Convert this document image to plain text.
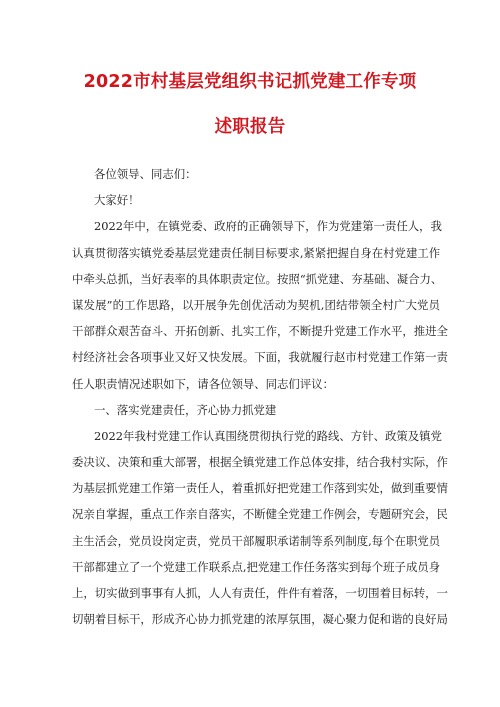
2022市村基层党组织书记抓党建工作专项
述职报告
各位领导、同志们：
大家好！
2022年中，在镇党委、政府的正确领导下，作为党建第一责任人，我
认真贯彻落实镇党委基层党建责任制目标要求,紧紧把握自身在村党建工作
中牵头总抓，当好表率的具体职责定位。按照“抓党建、夯基础、凝合力、
谋发展”的工作思路，以开展争先创优活动为契机,团结带领全村广大党员
干部群众艰苦奋斗、开拓创新、扎实工作，不断提升党建工作水平，推进全
村经济社会各项事业又好又快发展。下面，我就履行赵市村党建工作第一责
任人职责情况述职如下，请各位领导、同志们评议：
一、落实党建责任，齐心协力抓党建
2022年我村党建工作认真围绕贯彻执行党的路线、方针、政策及镇党
委决议、决策和重大部署，根据全镇党建工作总体安排，结合我村实际，作
为基层抓党建工作第一责任人，着重抓好把党建工作落到实处，做到重要情
况亲自掌握，重点工作亲自落实，不断健全党建工作例会，专题研究会，民
主生活会，党员设岗定责，党员干部履职承诺制等系列制度,每个在职党员
干部都建立了一个党建工作联系点,把党建工作任务落实到每个班子成员身
上，切实做到事事有人抓，人人有责任，件件有着落，一切围着目标转，一
切朝着目标干，形成齐心协力抓党建的浓厚氛围，凝心聚力促和谐的良好局
